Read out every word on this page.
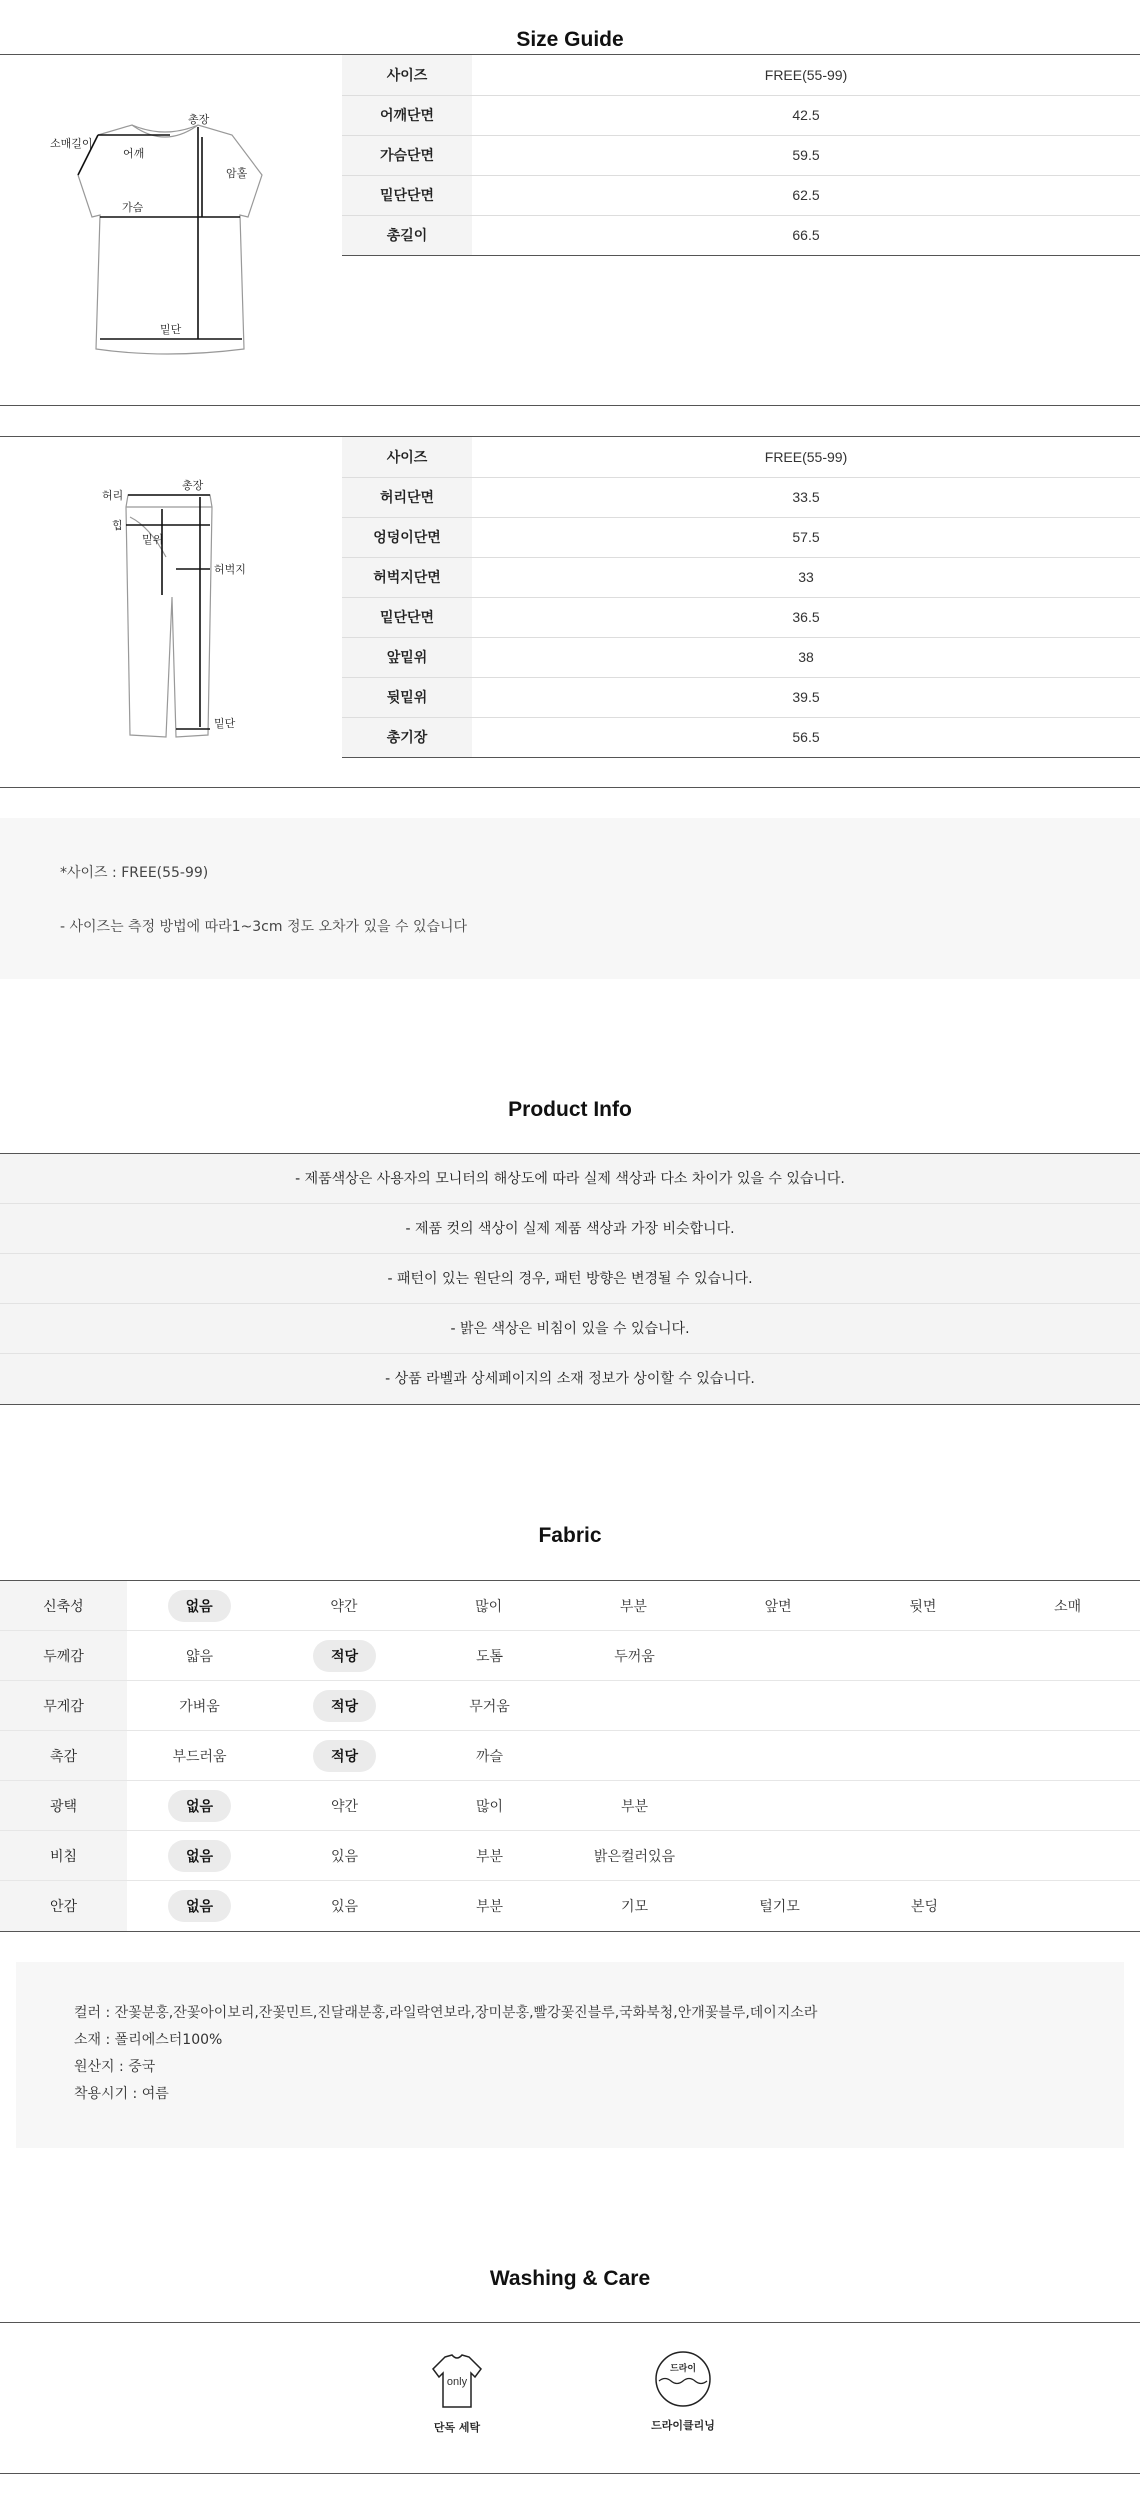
Size Guide
총장
소매길이
어깨
암홀
가슴
밑단
사이즈	FREE(55-99)
어깨단면	42.5
가슴단면	59.5
밑단단면	62.5
총길이	66.5
허리
총장
힙
밑위
허벅지
밑단
사이즈	FREE(55-99)
허리단면	33.5
엉덩이단면	57.5
허벅지단면	33
밑단단면	36.5
앞밑위	38
뒷밑위	39.5
총기장	56.5

*사이즈 : FREE(55-99)

- 사이즈는 측정 방법에 따라1~3cm 정도 오차가 있을 수 있습니다

Product Info
- 제품색상은 사용자의 모니터의 해상도에 따라 실제 색상과 다소 차이가 있을 수 있습니다.
- 제품 컷의 색상이 실제 제품 색상과 가장 비슷합니다.
- 패턴이 있는 원단의 경우, 패턴 방향은 변경될 수 있습니다.
- 밝은 색상은 비침이 있을 수 있습니다.
- 상품 라벨과 상세페이지의 소재 정보가 상이할 수 있습니다.
Fabric
신축성	없음	약간	많이	부분	앞면	뒷면	소매
두께감	얇음	적당	도톰	두꺼움
무게감	가벼움	적당	무거움
촉감	부드러움	적당	까슬
광택	없음	약간	많이	부분
비침	없음	있음	부분	밝은컬러있음
안감	없음	있음	부분	기모	털기모	본딩

컬러 : 잔꽃분홍,잔꽃아이보리,잔꽃민트,진달래분홍,라일락연보라,장미분홍,빨강꽃진블루,국화북청,안개꽃블루,데이지소라

소재 : 폴리에스터100%

원산지 : 중국

착용시기 : 여름

Washing & Care
only
단독 세탁
드라이
드라이클리닝
